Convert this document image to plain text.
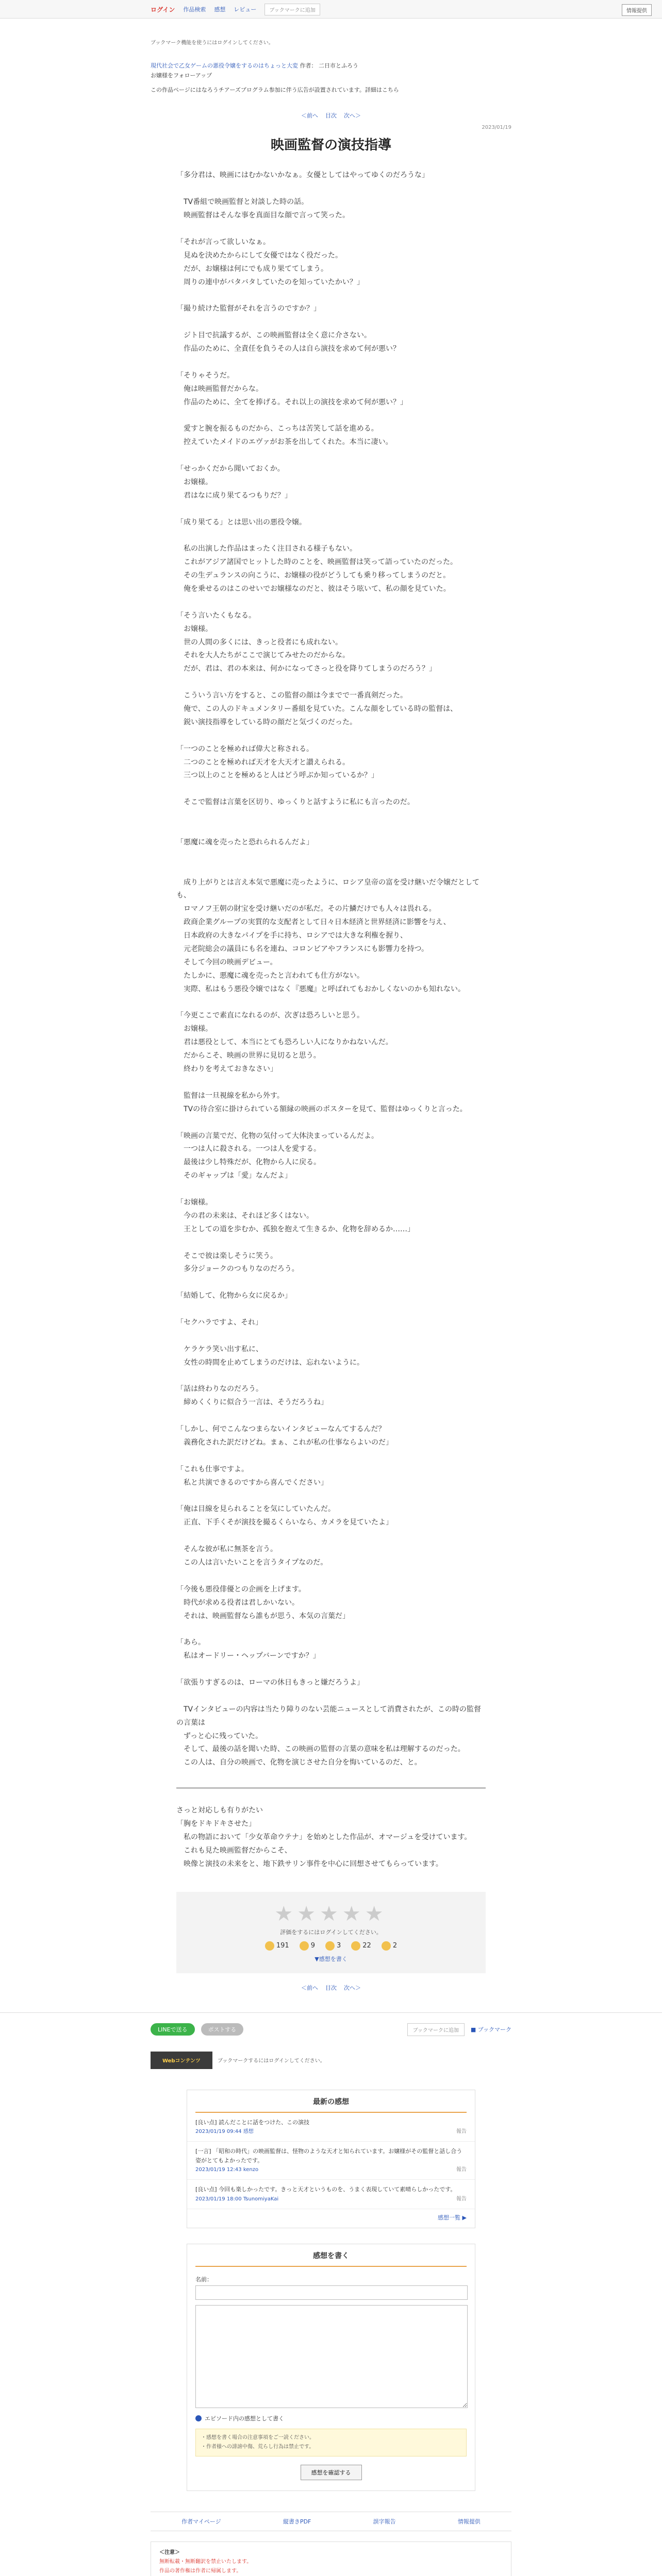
ログイン 作品検索 感想 レビュー	ブックマークに追加	情報提供
ブックマーク機能を使うにはログインしてください。
現代社会で乙女ゲームの悪役令嬢をするのはちょっと大変 作者： 二日市とふろう
お嬢様をフォローアップ
この作品ページにはなろうチアーズプログラム参加に伴う広告が設置されています。詳細はこちら
＜前へ 目次 次へ＞
2023/01/19
映画監督の演技指導
「多分君は、映画にはむかないかなぁ。女優としてはやってゆくのだろうな」

　TV番組で映画監督と対談した時の話。
　映画監督はそんな事を真面目な顔で言って笑った。

「それが言って欲しいなぁ。
　見ぬを決めたからにして女優ではなく役だった。
　だが、お嬢様は何にでも成り果ててしまう。
　周りの連中がバタバタしていたのを知っていたかい？」

「撮り続けた監督がそれを言うのですか？」

　ジト目で抗議するが、この映画監督は全く意に介さない。
　作品のために、全責任を負うその人は自ら演技を求めて何が悪い？

「そりゃそうだ。
　俺は映画監督だからな。
　作品のために、全てを捧げる。それ以上の演技を求めて何が悪い？」

　愛すと腕を振るものだから、こっちは苦笑して話を進める。
　控えていたメイドのエヴァがお茶を出してくれた。本当に凄い。

「せっかくだから聞いておくか。
　お嬢様。
　君はなに成り果てるつもりだ？」

「成り果てる」とは思い出の悪役令嬢。

　私の出演した作品はまったく注目される様子もない。
　これがアジア諸国でヒットした時のことを、映画監督は笑って語っていたのだった。
　その生デュランスの向こうに、お嬢様の役がどうしても乗り移ってしまうのだと。
　俺を乗せるのはこのせいでお嬢様なのだと、彼はそう呟いて、私の顔を見ていた。

「そう言いたくもなる。
　お嬢様。
　世の人間の多くには、きっと役者にも成れない。
　それを大人たちがここで演じてみせたのだからな。
　だが、君は、君の本来は、何かになってさっと役を降りてしまうのだろう？」

　こういう言い方をすると、この監督の顔は今までで一番真剣だった。
　俺で、この人のドキュメンタリー番組を見ていた。こんな顔をしている時の監督は、
　鋭い演技指導をしている時の顔だと気づくのだった。

「一つのことを極めれば偉大と称される。
　二つのことを極めれば天才を大天才と讃えられる。
　三つ以上のことを極めると人はどう呼ぶか知っているか？」

　そこで監督は言葉を区切り、ゆっくりと話すように私にも言ったのだ。

「悪魔に魂を売ったと恐れられるんだよ」

　成り上がりとは言え本気で悪魔に売ったように、ロシア皇帝の富を受け継いだ令嬢だとしても、
　ロマノフ王朝の財宝を受け継いだのが私だ。その片鱗だけでも人々は畏れる。
　政商企業グループの実質的な支配者として日々日本経済と世界経済に影響を与え、
　日本政府の大きなパイプを手に持ち、ロシアでは大きな利権を握り、
　元老院総会の議員にも名を連ね、コロンビアやフランスにも影響力を持つ。
　そして今回の映画デビュー。
　たしかに、悪魔に魂を売ったと言われても仕方がない。
　実際、私はもう悪役令嬢ではなく『悪魔』と呼ばれてもおかしくないのかも知れない。

「今更ここで素直になれるのが、次ぎは恐ろしいと思う。
　お嬢様。
　君は悪役として、本当にとても恐ろしい人になりかねないんだ。
　だからこそ、映画の世界に見切ると思う。
　終わりを考えておきなさい」

　監督は一旦視線を私から外す。
　TVの待合室に掛けられている額縁の映画のポスターを見て、監督はゆっくりと言った。

「映画の言葉でだ、化物の気付って大体決まっているんだよ。
　一つは人に殺される。一つは人を愛する。
　最後は少し特殊だが、化物から人に戻る。
　そのギャップは「愛」なんだよ」

「お嬢様。
　今の君の未来は、それほど多くはない。
　王としての道を歩むか、孤独を抱えて生きるか、化物を辞めるか……」

　そこで彼は楽しそうに笑う。
　多分ジョークのつもりなのだろう。

「結婚して、化物から女に戻るか」

「セクハラですよ、それ」

　ケラケラ笑い出す私に、
　女性の時間を止めてしまうのだけは、忘れないように。

「話は終わりなのだろう。
　締めくくりに似合う一言は、そうだろうね」

「しかし、何でこんなつまらないインタビューなんてするんだ？
　義務化された訳だけどね。まぁ、これが私の仕事ならよいのだ」

「これも仕事ですよ。
　私と共演できるのですから喜んでください」

「俺は目線を見られることを気にしていたんだ。
　正直、下手くそが演技を撮るくらいなら、カメラを見ていたよ」

　そんな彼が私に無茶を言う。
　この人は言いたいことを言うタイプなのだ。

「今後も悪役俳優との企画を上げます。
　時代が求める役者は君しかいない。
　それは、映画監督なら誰もが思う、本気の言葉だ」

「あら。
　私はオードリー・ヘップバーンですか？」

「欲張りすぎるのは、ローマの休日もきっと嫌だろうよ」

　TVインタビューの内容は当たり障りのない芸能ニュースとして消費されたが、この時の監督の言葉は
　ずっと心に残っていた。
　そして、最後の話を聞いた時、この映画の監督の言葉の意味を私は理解するのだった。
　この人は、自分の映画で、化物を演じさせた自分を悔いているのだ、と。
さっと対応しも有りがたい
「胸をドキドキさせた」
　私の物語において「少女革命ウテナ」を始めとした作品が、オマージュを受けています。
　これも見た映画監督だからこそ、
　映像と演技の未来をと、地下鉄サリン事件を中心に回想させてもらっています。
★★★★★
評価をするにはログインしてください。
191	9	3	22	2
▼感想を書く
＜前へ 目次 次へ＞
LINEで送る	ポストする	ブックマークに追加	■ ブックマーク
Webコンテンツ	ブックマークするにはログインしてください。
最新の感想
[良い点] 読んだことに話をつけた、この演技
2023/01/19 09:44 感想	報告
[一言] 「昭和の時代」の映画監督は、怪物のような天才と知られています。お嬢様がその監督と話し合う姿がとてもよかったです。
2023/01/19 12:43 kenzo	報告
[良い点] 今回も楽しかったです。きっと天才というものを、うまく表現していて素晴らしかったです。
2023/01/19 18:00 TsunomiyaKai	報告
感想一覧 ▶
感想を書く
名前：
エピソード内の感想として書く
・感想を書く場合の注意事項をご一読ください。
・作者様への誹謗中傷、荒らし行為は禁止です。
感想を確認する
作者マイページ	縦書きPDF	誤字報告	情報提供
＜注意＞
無断転載・無断翻訳を禁止いたします。
作品の著作権は作者に帰属します。
